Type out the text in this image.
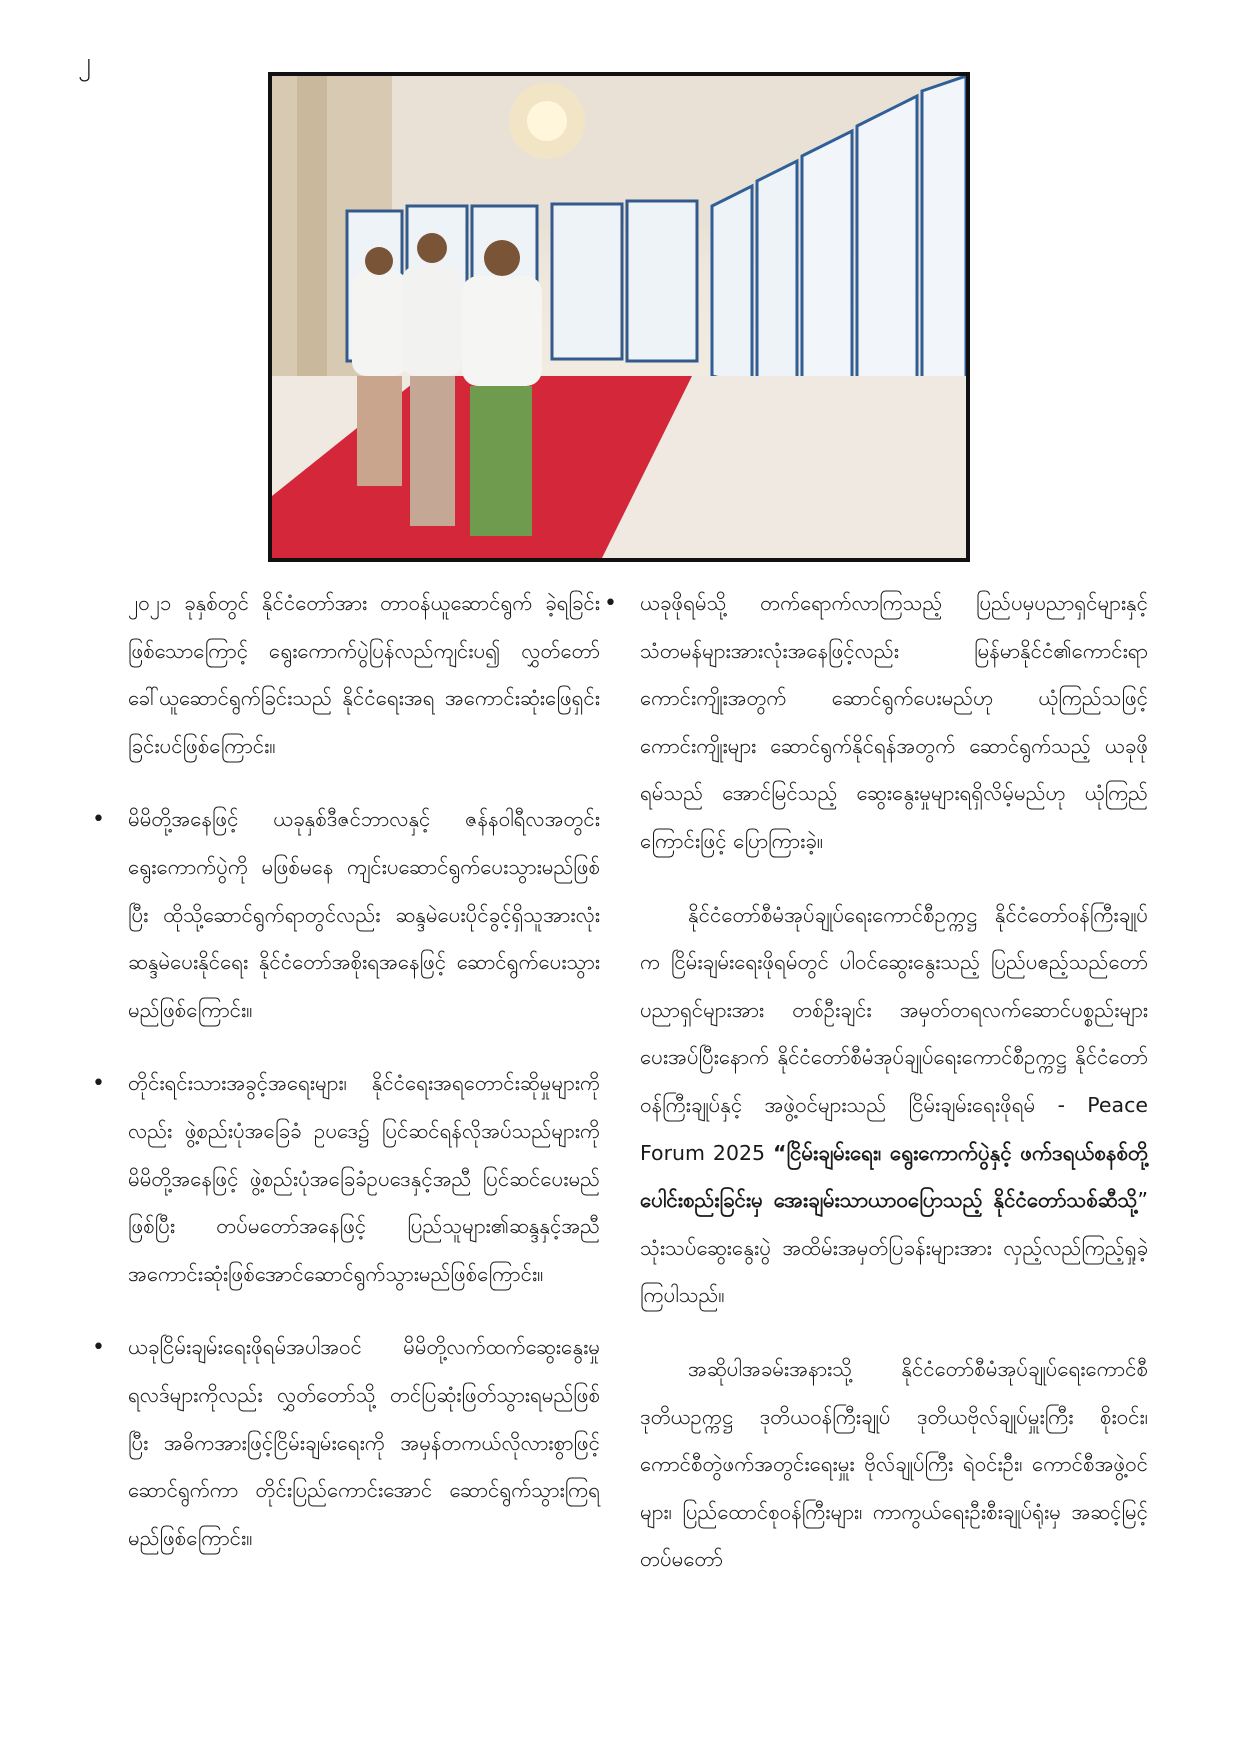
၂

၂၀၂၁ ခုနှစ်တွင် နိုင်ငံတော်အား တာဝန်ယူဆောင်ရွက် ခဲ့ရခြင်းဖြစ်သောကြောင့် ရွေးကောက်ပွဲပြန်လည်ကျင်းပ၍ လွှတ်တော် ခေါ်ယူဆောင်ရွက်ခြင်းသည် နိုင်ငံရေးအရ အကောင်းဆုံးဖြေရှင်းခြင်းပင်ဖြစ်ကြောင်း။

• မိမိတို့အနေဖြင့် ယခုနှစ်ဒီဇင်ဘာလနှင့် ဇန်နဝါရီလအတွင်း ရွေးကောက်ပွဲကို မဖြစ်မနေ ကျင်းပဆောင်ရွက်ပေးသွားမည်ဖြစ်ပြီး ထိုသို့ဆောင်ရွက်ရာတွင်လည်း ဆန္ဒမဲပေးပိုင်ခွင့်ရှိသူအားလုံး ဆန္ဒမဲပေးနိုင်ရေး နိုင်ငံတော်အစိုးရအနေဖြင့် ဆောင်ရွက်ပေးသွားမည်ဖြစ်ကြောင်း။
• တိုင်းရင်းသားအခွင့်အရေးများ၊ နိုင်ငံရေးအရတောင်းဆိုမှုများကိုလည်း ဖွဲ့စည်းပုံအခြေခံ ဥပဒေ၌ ပြင်ဆင်ရန်လိုအပ်သည်များကို မိမိတို့အနေဖြင့် ဖွဲ့စည်းပုံအခြေခံဥပဒေနှင့်အညီ ပြင်ဆင်ပေးမည်ဖြစ်ပြီး တပ်မတော်အနေဖြင့် ပြည်သူများ၏ဆန္ဒနှင့်အညီ အကောင်းဆုံးဖြစ်အောင်ဆောင်ရွက်သွားမည်ဖြစ်ကြောင်း။
• ယခုငြိမ်းချမ်းရေးဖိုရမ်အပါအဝင် မိမိတို့လက်ထက်ဆွေးနွေးမှုရလဒ်များကိုလည်း လွှတ်တော်သို့ တင်ပြဆုံးဖြတ်သွားရမည်ဖြစ်ပြီး အဓိကအားဖြင့်ငြိမ်းချမ်းရေးကို အမှန်တကယ်လိုလားစွာဖြင့် ဆောင်ရွက်ကာ တိုင်းပြည်ကောင်းအောင် ဆောင်ရွက်သွားကြရမည်ဖြစ်ကြောင်း။
• ယခုဖိုရမ်သို့ တက်ရောက်လာကြသည့် ပြည်ပမှပညာရှင်များနှင့် သံတမန်များအားလုံးအနေဖြင့်လည်း မြန်မာနိုင်ငံ၏ကောင်းရာကောင်းကျိုးအတွက် ဆောင်ရွက်ပေးမည်ဟု ယုံကြည်သဖြင့် ကောင်းကျိုးများ ဆောင်ရွက်နိုင်ရန်အတွက် ဆောင်ရွက်သည့် ယခုဖိုရမ်သည် အောင်မြင်သည့် ဆွေးနွေးမှုများရရှိလိမ့်မည်ဟု ယုံကြည်ကြောင်းဖြင့် ပြောကြားခဲ့။

နိုင်ငံတော်စီမံအုပ်ချုပ်ရေးကောင်စီဥက္ကဋ္ဌ နိုင်ငံတော်ဝန်ကြီးချုပ်က ငြိမ်းချမ်းရေးဖိုရမ်တွင် ပါဝင်ဆွေးနွေးသည့် ပြည်ပဧည့်သည်တော်ပညာရှင်များအား တစ်ဦးချင်း အမှတ်တရလက်ဆောင်ပစ္စည်းများ ပေးအပ်ပြီးနောက် နိုင်ငံတော်စီမံအုပ်ချုပ်ရေးကောင်စီဥက္ကဋ္ဌ နိုင်ငံတော်ဝန်ကြီးချုပ်နှင့် အဖွဲ့ဝင်များသည် ငြိမ်းချမ်းရေးဖိုရမ် - Peace Forum 2025 “ငြိမ်းချမ်းရေး၊ ရွေးကောက်ပွဲနှင့် ဖက်ဒရယ်စနစ်တို့ ပေါင်းစည်းခြင်းမှ အေးချမ်းသာယာဝပြောသည့် နိုင်ငံတော်သစ်ဆီသို့” သုံးသပ်ဆွေးနွေးပွဲ အထိမ်းအမှတ်ပြခန်းများအား လှည့်လည်ကြည့်ရှုခဲ့ကြပါသည်။

အဆိုပါအခမ်းအနားသို့ နိုင်ငံတော်စီမံအုပ်ချုပ်ရေးကောင်စီဒုတိယဥက္ကဋ္ဌ ဒုတိယဝန်ကြီးချုပ် ဒုတိယဗိုလ်ချုပ်မှူးကြီး စိုးဝင်း၊ ကောင်စီတွဲဖက်အတွင်းရေးမှူး ဗိုလ်ချုပ်ကြီး ရဲဝင်းဦး၊ ကောင်စီအဖွဲ့ဝင်များ၊ ပြည်ထောင်စုဝန်ကြီးများ၊ ကာကွယ်ရေးဦးစီးချုပ်ရုံးမှ အဆင့်မြင့်တပ်မတော်
